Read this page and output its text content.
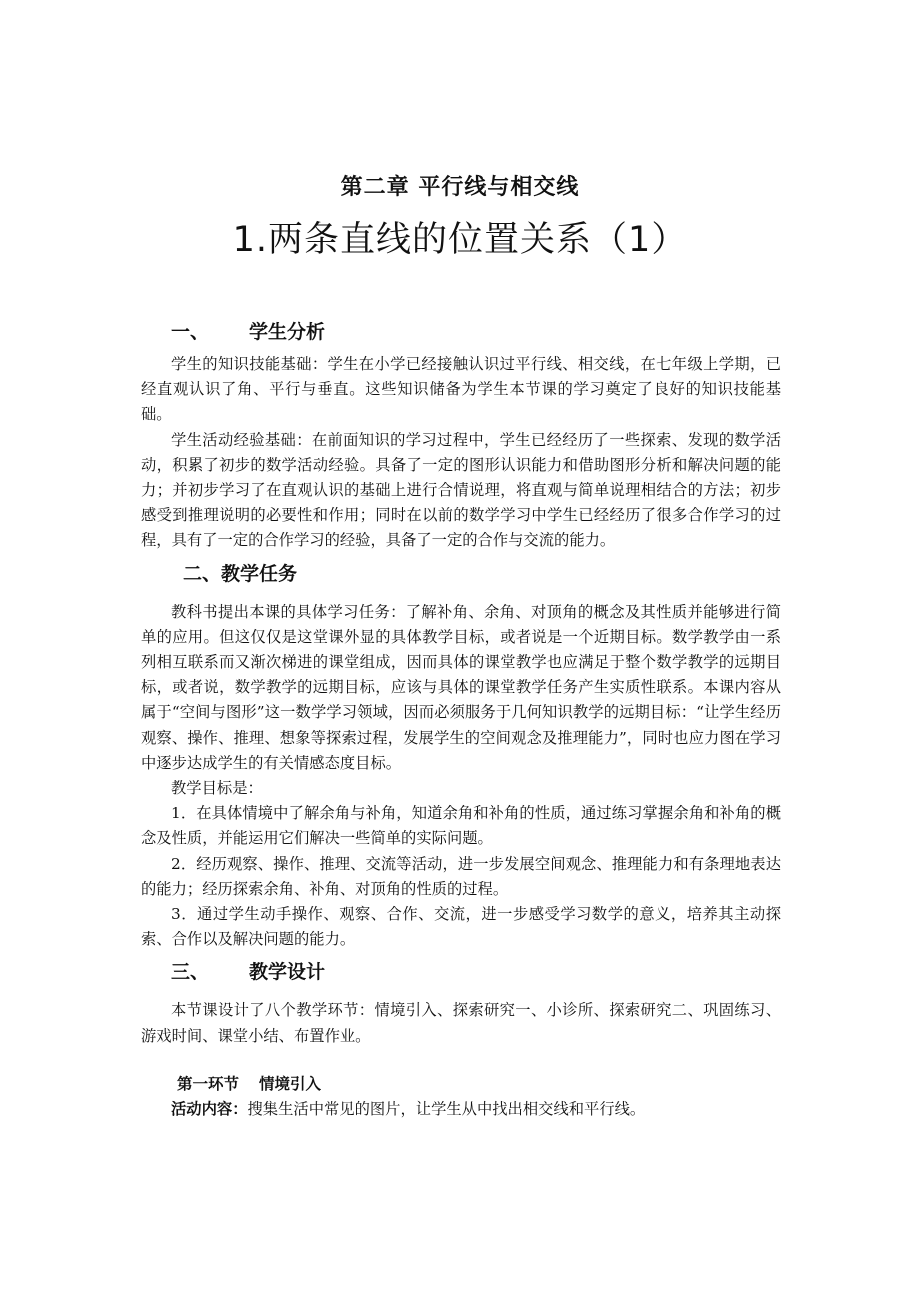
第二章 平行线与相交线
1.两条直线的位置关系（1）
一、 学生分析

学生的知识技能基础：学生在小学已经接触认识过平行线、相交线，在七年级上学期，已经直观认识了角、平行与垂直。这些知识储备为学生本节课的学习奠定了良好的知识技能基础。

学生活动经验基础：在前面知识的学习过程中，学生已经经历了一些探索、发现的数学活动，积累了初步的数学活动经验。具备了一定的图形认识能力和借助图形分析和解决问题的能力；并初步学习了在直观认识的基础上进行合情说理，将直观与简单说理相结合的方法；初步感受到推理说明的必要性和作用；同时在以前的数学学习中学生已经经历了很多合作学习的过程，具有了一定的合作学习的经验，具备了一定的合作与交流的能力。

二、教学任务

教科书提出本课的具体学习任务：了解补角、余角、对顶角的概念及其性质并能够进行简单的应用。但这仅仅是这堂课外显的具体教学目标，或者说是一个近期目标。数学教学由一系列相互联系而又渐次梯进的课堂组成，因而具体的课堂教学也应满足于整个数学教学的远期目标，或者说，数学教学的远期目标，应该与具体的课堂教学任务产生实质性联系。本课内容从属于“空间与图形”这一数学学习领域，因而必须服务于几何知识教学的远期目标：“让学生经历观察、操作、推理、想象等探索过程，发展学生的空间观念及推理能力”，同时也应力图在学习中逐步达成学生的有关情感态度目标。

教学目标是：

1．在具体情境中了解余角与补角，知道余角和补角的性质，通过练习掌握余角和补角的概念及性质，并能运用它们解决一些简单的实际问题。

2．经历观察、操作、推理、交流等活动，进一步发展空间观念、推理能力和有条理地表达的能力；经历探索余角、补角、对顶角的性质的过程。

3．通过学生动手操作、观察、合作、交流，进一步感受学习数学的意义，培养其主动探索、合作以及解决问题的能力。

三、 教学设计

本节课设计了八个教学环节：情境引入、探索研究一、小诊所、探索研究二、巩固练习、游戏时间、课堂小结、布置作业。

第一环节 情境引入
活动内容：搜集生活中常见的图片，让学生从中找出相交线和平行线。
